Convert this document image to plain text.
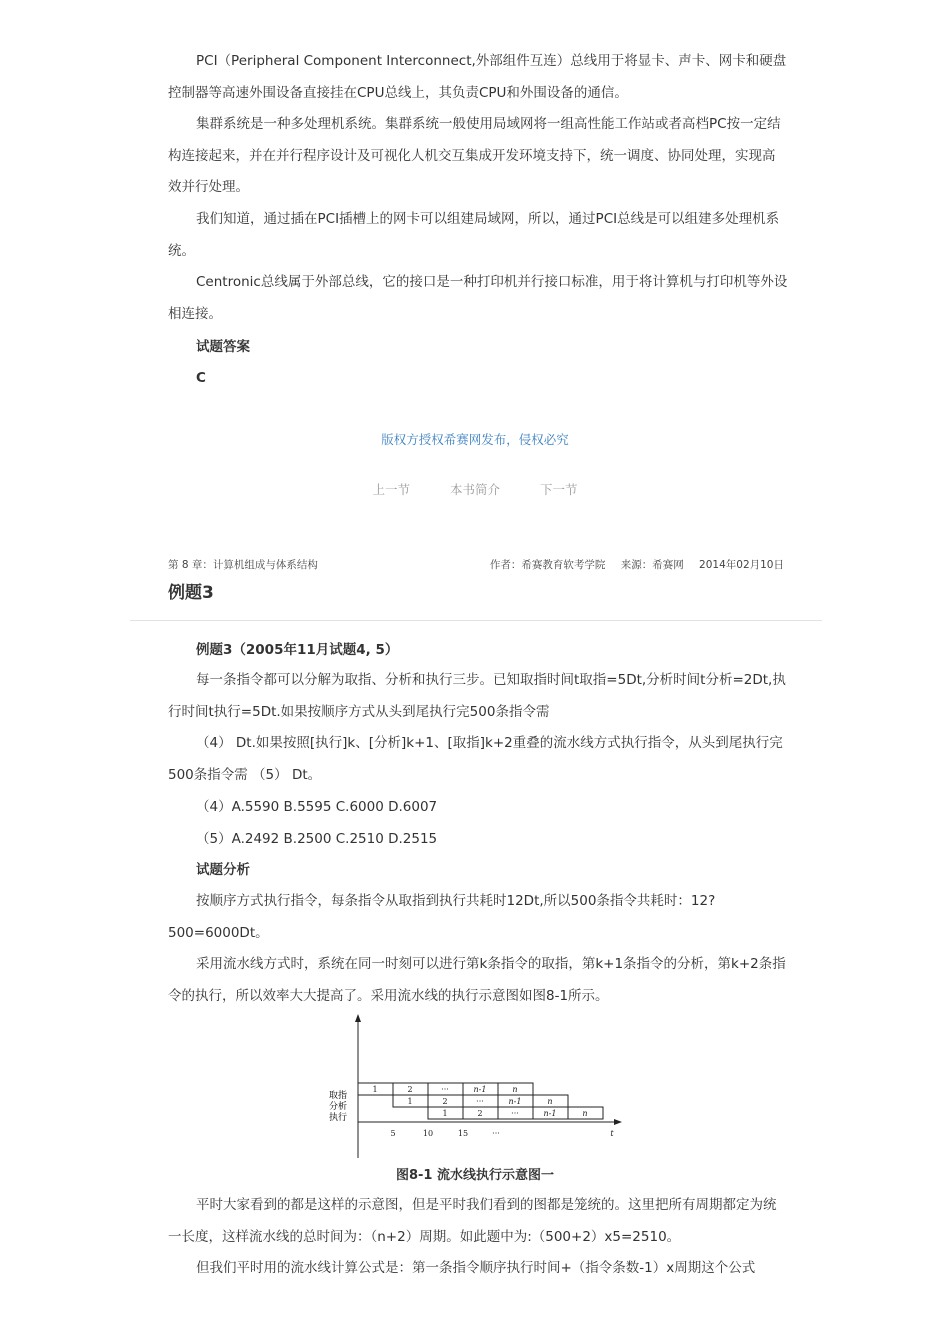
PCI（Peripheral Component Interconnect,外部组件互连）总线用于将显卡、声卡、网卡和硬盘控制器等高速外围设备直接挂在CPU总线上，其负责CPU和外围设备的通信。

集群系统是一种多处理机系统。集群系统一般使用局域网将一组高性能工作站或者高档PC按一定结构连接起来，并在并行程序设计及可视化人机交互集成开发环境支持下，统一调度、协同处理，实现高效并行处理。

我们知道，通过插在PCI插槽上的网卡可以组建局域网，所以，通过PCI总线是可以组建多处理机系统。

Centronic总线属于外部总线，它的接口是一种打印机并行接口标准，用于将计算机与打印机等外设相连接。

试题答案

C

版权方授权希赛网发布，侵权必究
上一节	本书简介	下一节
第 8 章：计算机组成与体系结构	作者：希赛教育软考学院 来源：希赛网 2014年02月10日
例题3

例题3（2005年11月试题4, 5）

每一条指令都可以分解为取指、分析和执行三步。已知取指时间t取指=5Dt,分析时间t分析=2Dt,执行时间t执行=5Dt.如果按顺序方式从头到尾执行完500条指令需

（4） Dt.如果按照[执行]k、[分析]k+1、[取指]k+2重叠的流水线方式执行指令，从头到尾执行完500条指令需 （5） Dt。

（4）A.5590 B.5595 C.6000 D.6007

（5）A.2492 B.2500 C.2510 D.2515

试题分析

按顺序方式执行指令，每条指令从取指到执行共耗时12Dt,所以500条指令共耗时：12?500=6000Dt。

采用流水线方式时，系统在同一时刻可以进行第k条指令的取指，第k+1条指令的分析，第k+2条指令的执行，所以效率大大提高了。采用流水线的执行示意图如图8-1所示。

取指
分析
执行
1	2	···	n-1	n
1	2	···	n-1	n
1	2	···	n-1	n
5	10	15	···	t
图8-1 流水线执行示意图一

平时大家看到的都是这样的示意图，但是平时我们看到的图都是笼统的。这里把所有周期都定为统一长度，这样流水线的总时间为：（n+2）周期。如此题中为:（500+2）x5=2510。

但我们平时用的流水线计算公式是：第一条指令顺序执行时间+（指令条数-1）x周期这个公式
